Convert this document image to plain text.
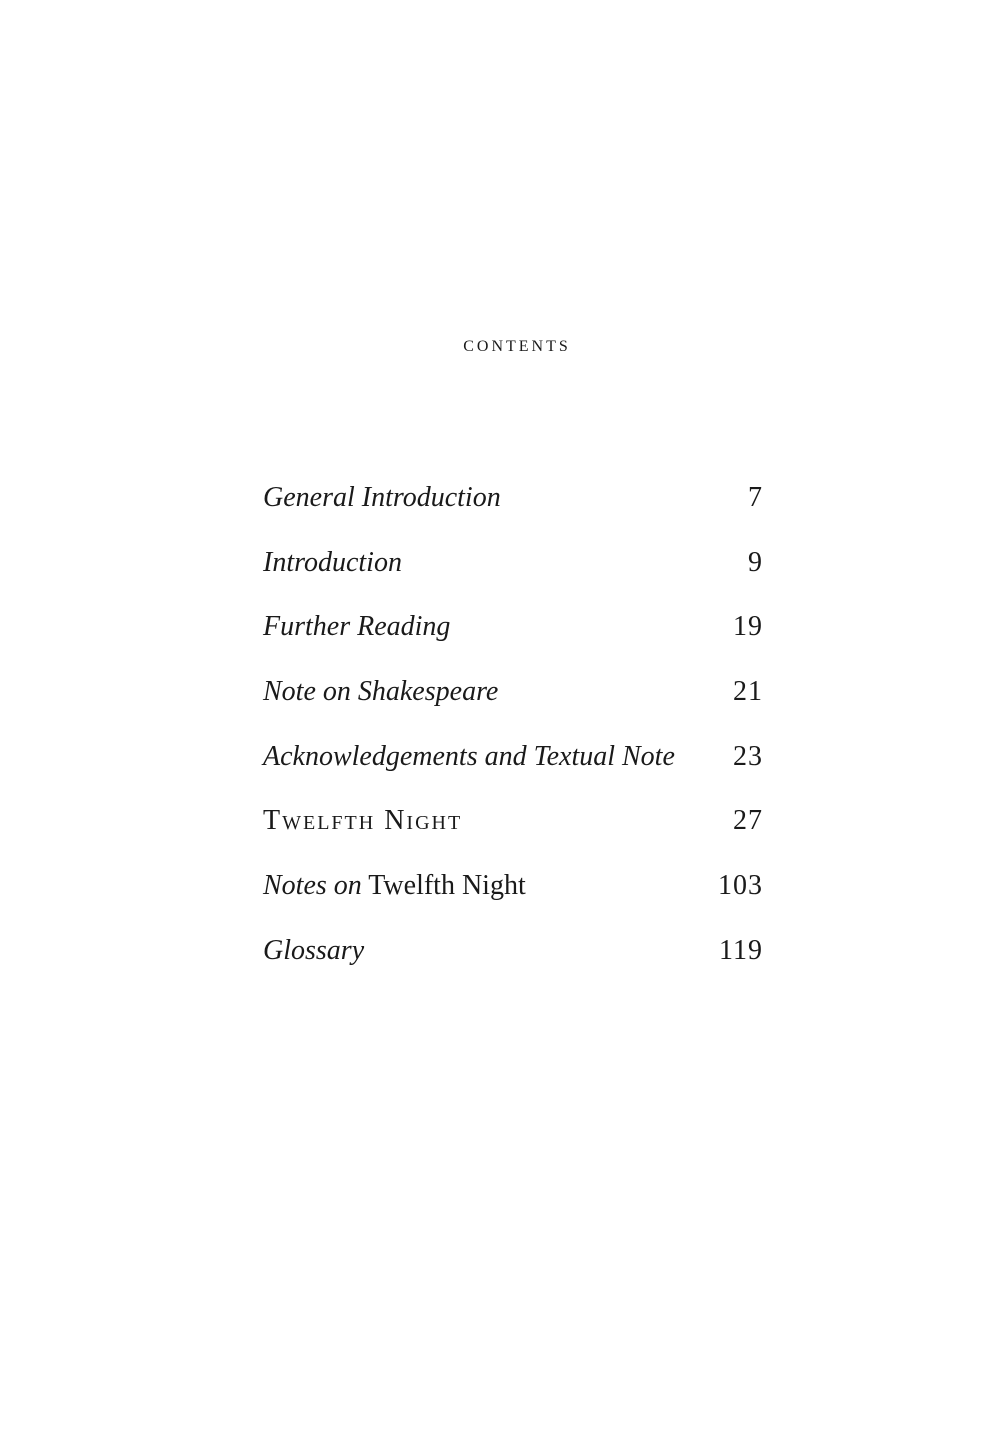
contents
General Introduction	7
Introduction	9
Further Reading	19
Note on Shakespeare	21
Acknowledgements and Textual Note 23
Twelfth Night	27
Notes on Twelfth Night	103
Glossary	119
